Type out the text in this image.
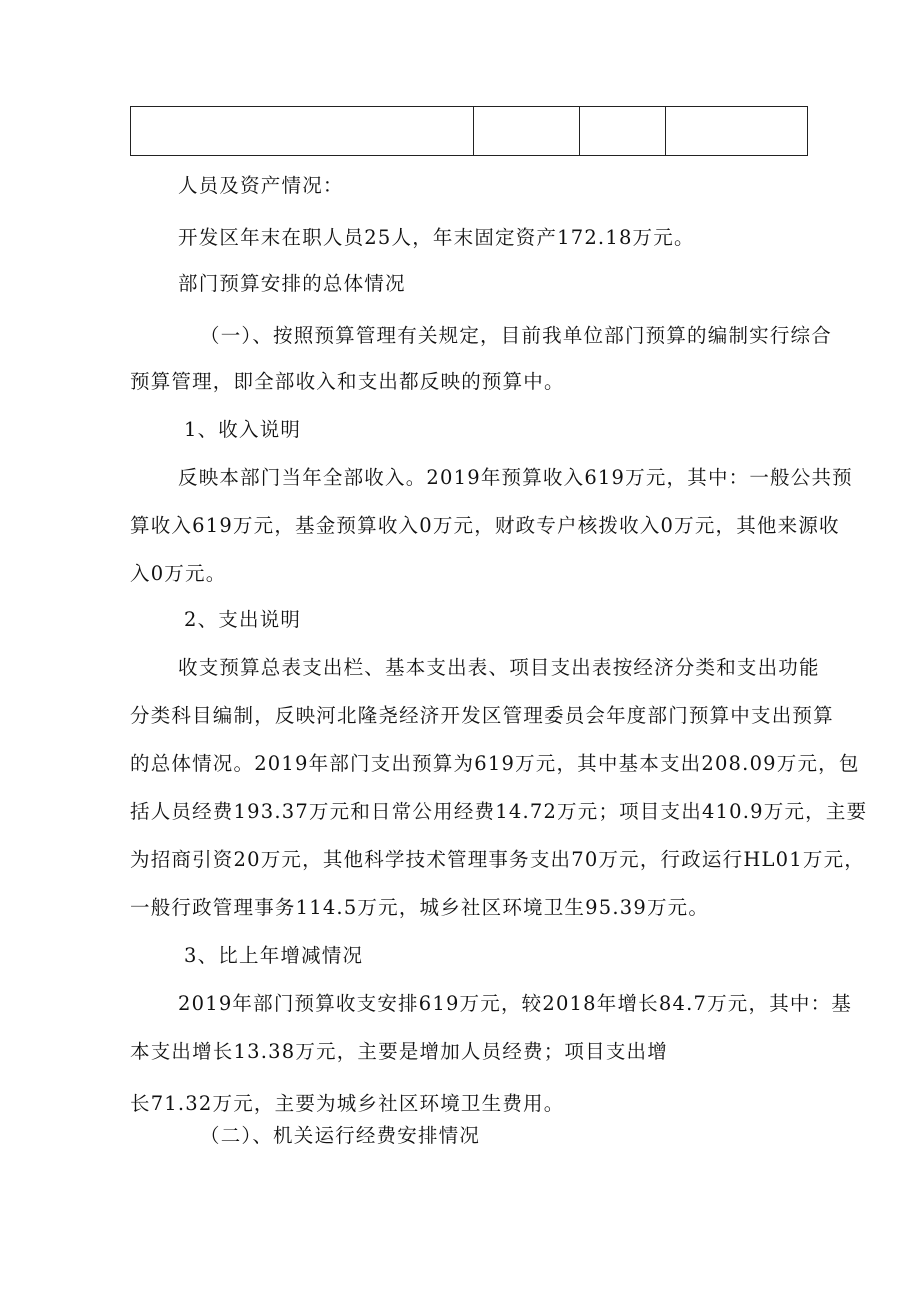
人员及资产情况：
开发区年末在职人员25人，年末固定资产172.18万元。
部门预算安排的总体情况
（一）、按照预算管理有关规定，目前我单位部门预算的编制实行综合
预算管理，即全部收入和支出都反映的预算中。
1、收入说明
反映本部门当年全部收入。2019年预算收入619万元，其中：一般公共预
算收入619万元，基金预算收入0万元，财政专户核拨收入0万元，其他来源收
入0万元。
2、支出说明
收支预算总表支出栏、基本支出表、项目支出表按经济分类和支出功能
分类科目编制，反映河北隆尧经济开发区管理委员会年度部门预算中支出预算
的总体情况。2019年部门支出预算为619万元，其中基本支出208.09万元，包
括人员经费193.37万元和日常公用经费14.72万元；项目支出410.9万元，主要
为招商引资20万元，其他科学技术管理事务支出70万元，行政运行HL01万元，
一般行政管理事务114.5万元，城乡社区环境卫生95.39万元。
3、比上年增减情况
2019年部门预算收支安排619万元，较2018年增长84.7万元，其中：基
本支出增长13.38万元，主要是增加人员经费；项目支出增
长71.32万元，主要为城乡社区环境卫生费用。
（二）、机关运行经费安排情况
